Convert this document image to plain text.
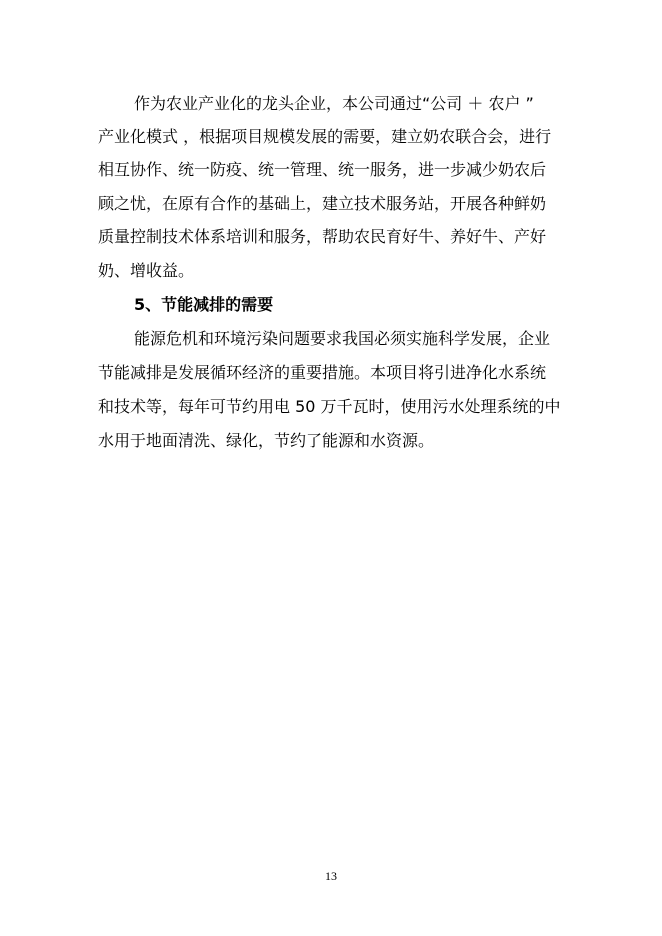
作为农业产业化的龙头企业，本公司通过“公司 ＋ 农户 ”
产业化模式 ，根据项目规模发展的需要，建立奶农联合会，进行
相互协作、统一防疫、统一管理、统一服务，进一步减少奶农后
顾之忧，在原有合作的基础上，建立技术服务站，开展各种鲜奶
质量控制技术体系培训和服务，帮助农民育好牛、养好牛、产好
奶、增收益。
5、节能减排的需要
能源危机和环境污染问题要求我国必须实施科学发展，企业
节能减排是发展循环经济的重要措施。本项目将引进净化水系统
和技术等，每年可节约用电 50 万千瓦时，使用污水处理系统的中
水用于地面清洗、绿化，节约了能源和水资源。
13
